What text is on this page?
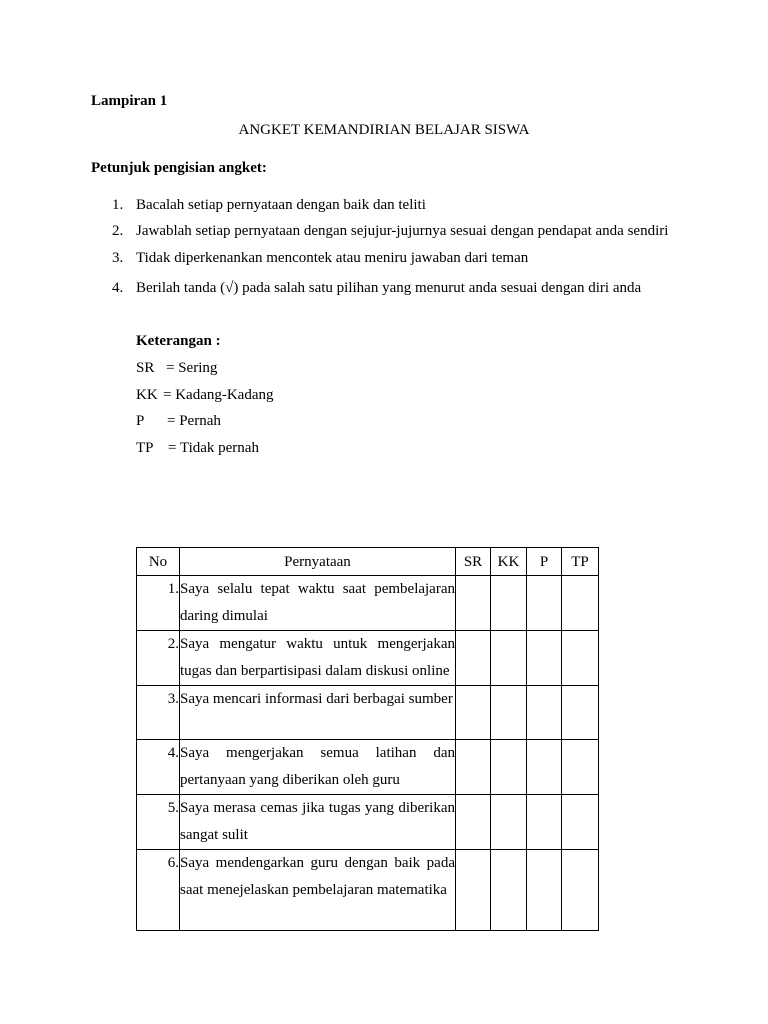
Lampiran 1
ANGKET KEMANDIRIAN BELAJAR SISWA
Petunjuk pengisian angket:
1. Bacalah setiap pernyataan dengan baik dan teliti
2. Jawablah setiap pernyataan dengan sejujur-jujurnya sesuai dengan pendapat anda sendiri
3. Tidak diperkenankan mencontek atau meniru jawaban dari teman
4. Berilah tanda (√) pada salah satu pilihan yang menurut anda sesuai dengan diri anda
Keterangan :
SR = Sering
KK = Kadang-Kadang
P = Pernah
TP = Tidak pernah
No	Pernyataan	SR	KK	P	TP
1.	Saya selalu tepat waktu saat pembelajaran daring dimulai				
2.	Saya mengatur waktu untuk mengerjakan tugas dan berpartisipasi dalam diskusi online				
3.	Saya mencari informasi dari berbagai sumber				
4.	Saya mengerjakan semua latihan dan pertanyaan yang diberikan oleh guru				
5.	Saya merasa cemas jika tugas yang diberikan sangat sulit				
6.	Saya mendengarkan guru dengan baik pada saat menejelaskan pembelajaran matematika				
